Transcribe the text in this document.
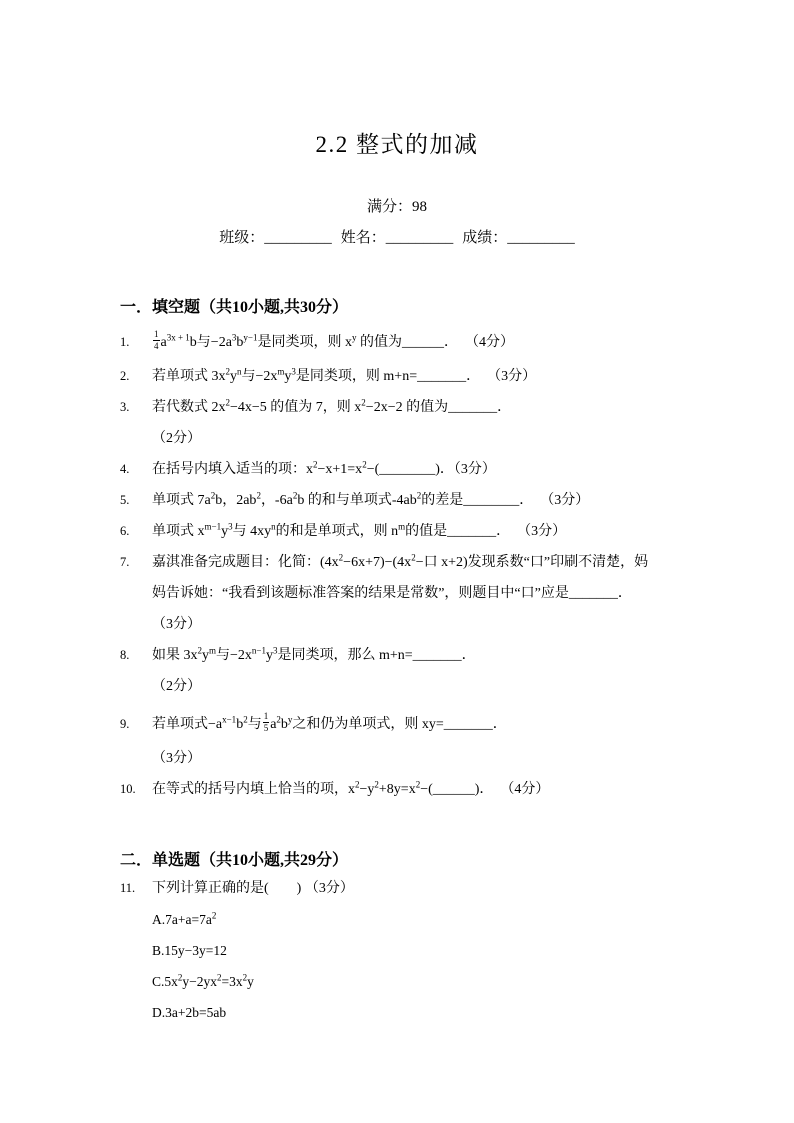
2.2 整式的加减
满分：98
班级：_________ 姓名：_________ 成绩：_________
一．填空题（共10小题,共30分）
1.	$\frac{1}{4} a^{3x + 1}b$与$-2a^3b^{y-1}$是同类项，则 $x^y$ 的值为______．  （4分）
2. 若单项式 $3x^2y^n$与$-2x^my^3$是同类项，则 m+n=_______．  （3分）
3. 若代数式 $2x^2-4x-5$ 的值为 7，则 $x^2-2x-2$ 的值为_______．
（2分）
4. 在括号内填入适当的项：$x^2-x+1=x^2-(\_\_\_\_\_\_\_\_)$．（3分）
5. 单项式 $7a^2b$，$2ab^2$，$-6a^2b$ 的和与单项式$-4ab^2$的差是________．  （3分）
6. 单项式 $x^{m-1}y^3$与 $4xy^n$的和是单项式，则 $n^m$的值是_______．  （3分）
7. 嘉淇准备完成题目：化简：$(4x^2-6x+7)-(4x^2-$口 x+2)发现系数“口”印刷不清楚，妈
妈告诉她：“我看到该题标准答案的结果是常数”，则题目中“口”应是_______．
（3分）
8. 如果 $3x^2y^m$与$-2x^{n-1}y^3$是同类项，那么 m+n=_______．
（2分）
9. 若单项式$-a^{x-1}b^2$与 $\frac{1}{5} a^2b^y$之和仍为单项式，则 xy=_______．
（3分）
10. 在等式的括号内填上恰当的项，$x^2-y^2+8y=x^2-(\_\_\_\_\_\_)$．  （4分）
二．单选题（共10小题,共29分）
11. 下列计算正确的是(　　) （3分）
$A.7a+a=7a^2$
B.15y−3y=12
$C.5x^2y-2yx^2=3x^2y$
D.3a+2b=5ab
